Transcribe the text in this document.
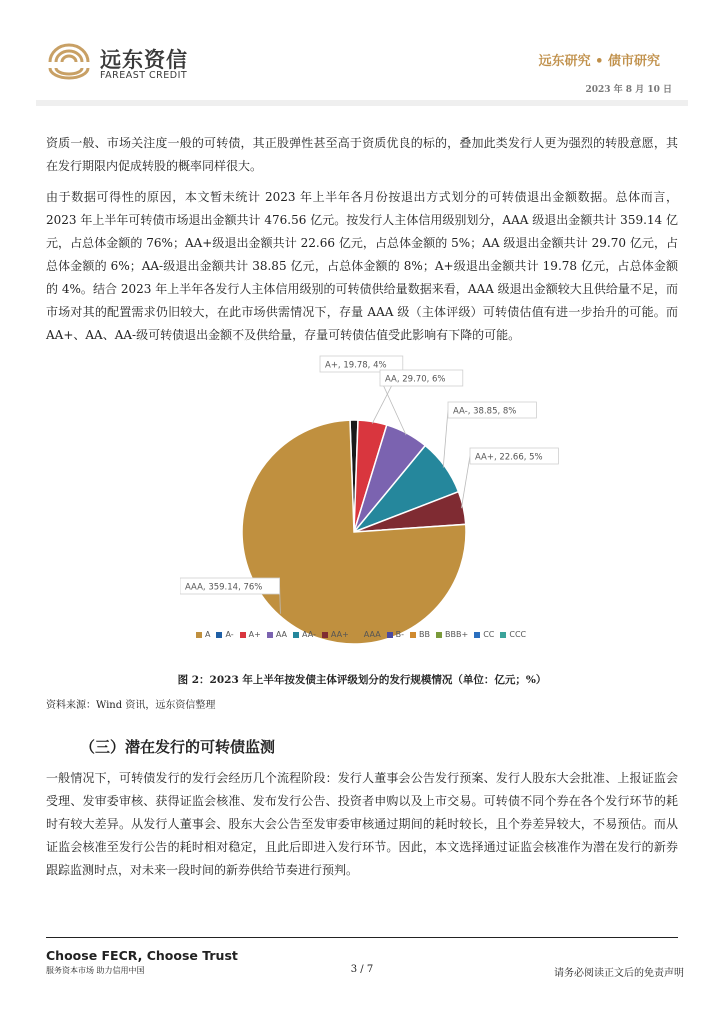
远东资信
FAREAST CREDIT
远东研究 • 债市研究
2023 年 8 月 10 日

资质一般、市场关注度一般的可转债，其正股弹性甚至高于资质优良的标的，叠加此类发行人更为强烈的转股意愿，其在发行期限内促成转股的概率同样很大。

由于数据可得性的原因，本文暂未统计 2023 年上半年各月份按退出方式划分的可转债退出金额数据。总体而言，2023 年上半年可转债市场退出金额共计 476.56 亿元。按发行人主体信用级别划分，AAA 级退出金额共计 359.14 亿元，占总体金额的 76%；AA+级退出金额共计 22.66 亿元，占总体金额的 5%；AA 级退出金额共计 29.70 亿元，占总体金额的 6%；AA-级退出金额共计 38.85 亿元，占总体金额的 8%；A+级退出金额共计 19.78 亿元，占总体金额的 4%。结合 2023 年上半年各发行人主体信用级别的可转债供给量数据来看，AAA 级退出金额较大且供给量不足，而市场对其的配置需求仍旧较大，在此市场供需情况下，存量 AAA 级（主体评级）可转债估值有进一步抬升的可能。而 AA+、AA、AA-级可转债退出金额不及供给量，存量可转债估值受此影响有下降的可能。

A+, 19.78, 4%
AA, 29.70, 6%
AA-, 38.85, 8%
AA+, 22.66, 5%
AAA, 359.14, 76%
A A- A+ AA AA- AA+ AAA B- BB BBB+ CC CCC
图 2：2023 年上半年按发债主体评级划分的发行规模情况（单位：亿元；%）
资料来源：Wind 资讯，远东资信整理
（三）潜在发行的可转债监测

一般情况下，可转债发行的发行会经历几个流程阶段：发行人董事会公告发行预案、发行人股东大会批准、上报证监会受理、发审委审核、获得证监会核准、发布发行公告、投资者申购以及上市交易。可转债不同个券在各个发行环节的耗时有较大差异。从发行人董事会、股东大会公告至发审委审核通过期间的耗时较长，且个券差异较大，不易预估。而从证监会核准至发行公告的耗时相对稳定，且此后即进入发行环节。因此，本文选择通过证监会核准作为潜在发行的新券跟踪监测时点，对未来一段时间的新券供给节奏进行预判。

Choose FECR, Choose Trust
服务资本市场 助力信用中国	3 / 7	请务必阅读正文后的免责声明
